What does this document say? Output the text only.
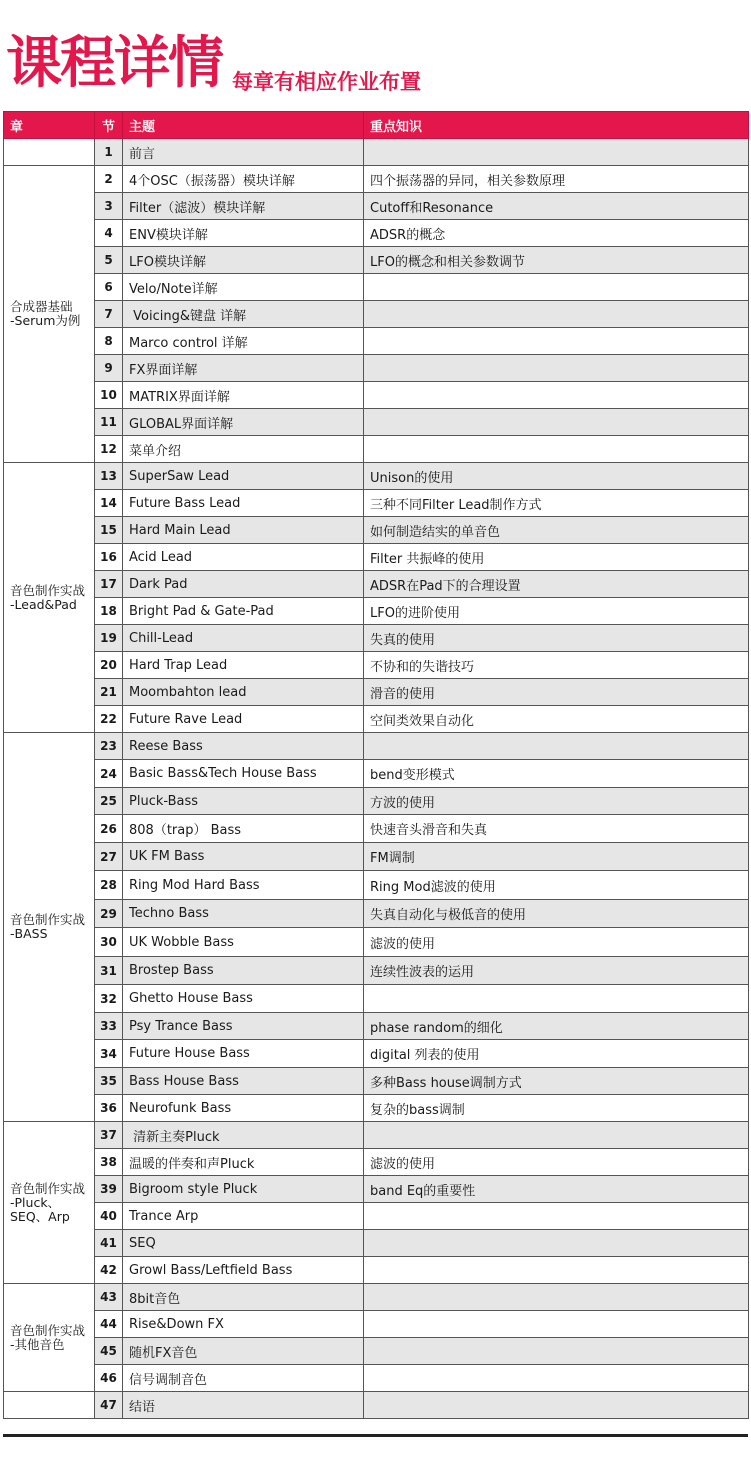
课程详情 每章有相应作业布置
章	节	主题	重点知识
	1	前言	
合成器基础
-Serum为例	2	4个OSC（振荡器）模块详解	四个振荡器的异同，相关参数原理
	3	Filter（滤波）模块详解	Cutoff和Resonance
	4	ENV模块详解	ADSR的概念
	5	LFO模块详解	LFO的概念和相关参数调节
	6	Velo/Note详解	
	7	Voicing&键盘 详解	
	8	Marco control 详解	
	9	FX界面详解	
	10	MATRIX界面详解	
	11	GLOBAL界面详解	
	12	菜单介绍	
音色制作实战
-Lead&Pad	13	SuperSaw Lead	Unison的使用
	14	Future Bass Lead	三种不同Filter Lead制作方式
	15	Hard Main Lead	如何制造结实的单音色
	16	Acid Lead	Filter 共振峰的使用
	17	Dark Pad	ADSR在Pad下的合理设置
	18	Bright Pad & Gate-Pad	LFO的进阶使用
	19	Chill-Lead	失真的使用
	20	Hard Trap Lead	不协和的失谐技巧
	21	Moombahton lead	滑音的使用
	22	Future Rave Lead	空间类效果自动化
音色制作实战
-BASS	23	Reese Bass	
	24	Basic Bass&Tech House Bass	bend变形模式
	25	Pluck-Bass	方波的使用
	26	808（trap） Bass	快速音头滑音和失真
	27	UK FM Bass	FM调制
	28	Ring Mod Hard Bass	Ring Mod滤波的使用
	29	Techno Bass	失真自动化与极低音的使用
	30	UK Wobble Bass	滤波的使用
	31	Brostep Bass	连续性波表的运用
	32	Ghetto House Bass	
	33	Psy Trance Bass	phase random的细化
	34	Future House Bass	digital 列表的使用
	35	Bass House Bass	多种Bass house调制方式
	36	Neurofunk Bass	复杂的bass调制
音色制作实战
-Pluck、
SEQ、Arp	37	清新主奏Pluck	
	38	温暖的伴奏和声Pluck	滤波的使用
	39	Bigroom style Pluck	band Eq的重要性
	40	Trance Arp	
	41	SEQ	
	42	Growl Bass/Leftfield Bass	
音色制作实战
-其他音色	43	8bit音色	
	44	Rise&Down FX	
	45	随机FX音色	
	46	信号调制音色	
	47	结语	
